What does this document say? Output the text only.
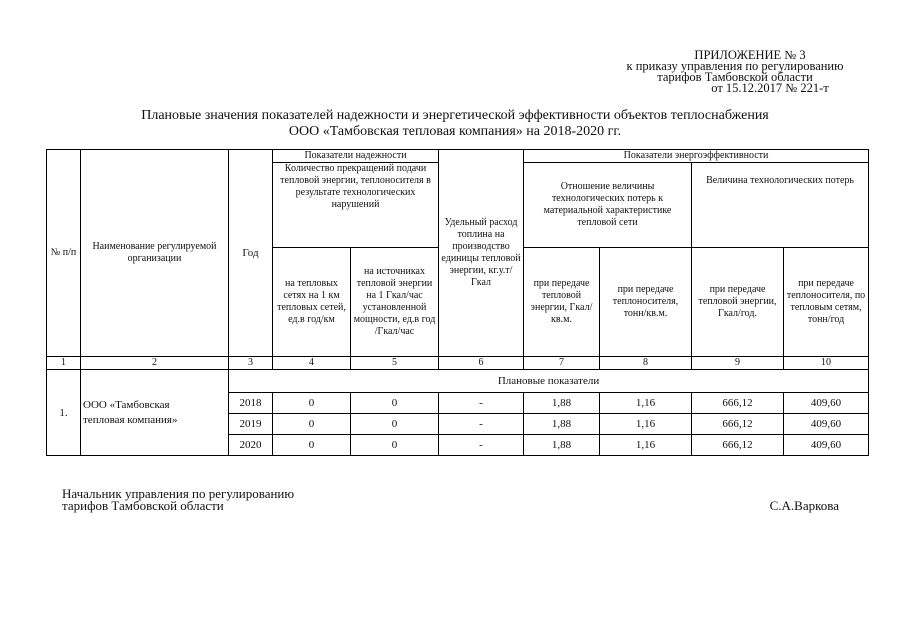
ПРИЛОЖЕНИЕ № 3
к приказу управления по регулированию
тарифов Тамбовской области
от 15.12.2017 № 221-т
Плановые значения показателей надежности и энергетической эффективности объектов теплоснабжения
ООО «Тамбовская тепловая компания» на 2018-2020 гг.
№ п/п	Наименование регулируемой организации	Год	Показатели надежности		Удельный расход топлина на производство единицы тепловой энергии, кг.у.т/Гкал	Показатели энергоэффективности			
			Количество прекращений подачи тепловой энергии, теплоносителя в результате технологических нарушений			Отношение величины технологических потерь к материальной характеристике тепловой сети		Величина технологических потерь	
			на тепловых сетях на 1 км тепловых сетей, ед.в год/км	на источниках тепловой энергии на 1 Гкал/час установленной мощности, ед.в год /Гкал/час		при передаче тепловой энергии, Гкал/кв.м.	при передаче теплоносителя, тонн/кв.м.	при передаче тепловой энергии, Гкал/год.	при передаче теплоносителя, по тепловым сетям, тонн/год
1	2	3	4	5	6	7	8	9	10
1.	ООО «Тамбовская
тепловая компания»	Плановые показатели							
		2018	0	0	-	1,88	1,16	666,12	409,60
		2019	0	0	-	1,88	1,16	666,12	409,60
		2020	0	0	-	1,88	1,16	666,12	409,60
Начальник управления по регулированию
тарифов Тамбовской области	С.А.Варкова
